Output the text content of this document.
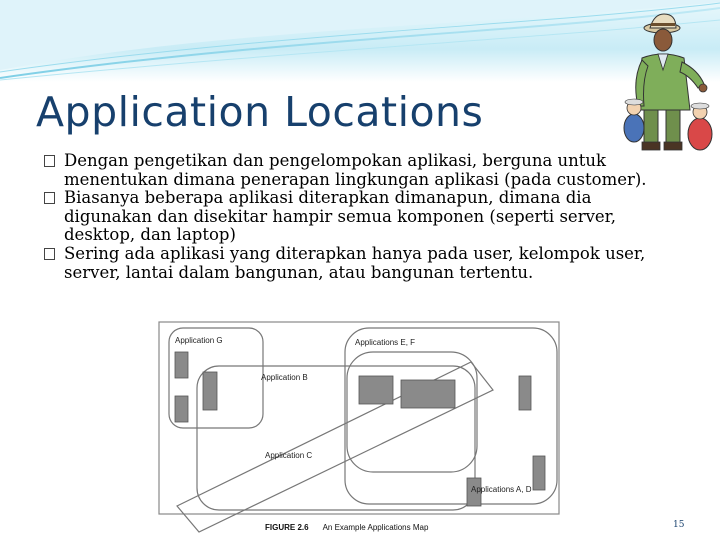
Application Locations

Dengan pengetikan dan pengelompokan aplikasi, berguna untuk menentukan dimana penerapan lingkungan aplikasi (pada customer).

Biasanya beberapa aplikasi diterapkan dimanapun, dimana dia digunakan dan disekitar hampir semua komponen (seperti server, desktop, dan laptop)

Sering ada aplikasi yang diterapkan hanya pada user, kelompok user, server, lantai dalam bangunan, atau bangunan tertentu.

Application G	Applications E, F
Application B
Application C
Applications A, D
FIGURE 2.6 An Example Applications Map	15
